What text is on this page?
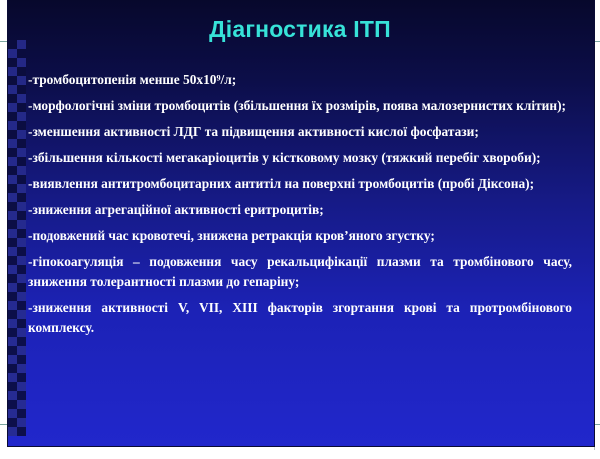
Діагностика ІТП
-тромбоцитопенія менше 50х10⁹/л;
-морфологічні зміни тромбоцитів (збільшення їх розмірів, поява малозернистих клітин);
-зменшення активності ЛДГ та підвищення активності кислої фосфатази;
-збільшення кількості мегакаріоцитів у кістковому мозку (тяжкий перебіг хвороби);
-виявлення антитромбоцитарних антитіл на поверхні тромбоцитів (пробі Діксона);
-зниження агрегаційної активності еритроцитів;
-подовжений час кровотечі, знижена ретракція кров’яного згустку;
-гіпокоагуляція – подовження часу рекальцифікації плазми та тромбінового часу, зниження толерантності плазми до гепаріну;
-зниження активності V, VII, ХIII факторів згортання крові та протромбінового комплексу.
